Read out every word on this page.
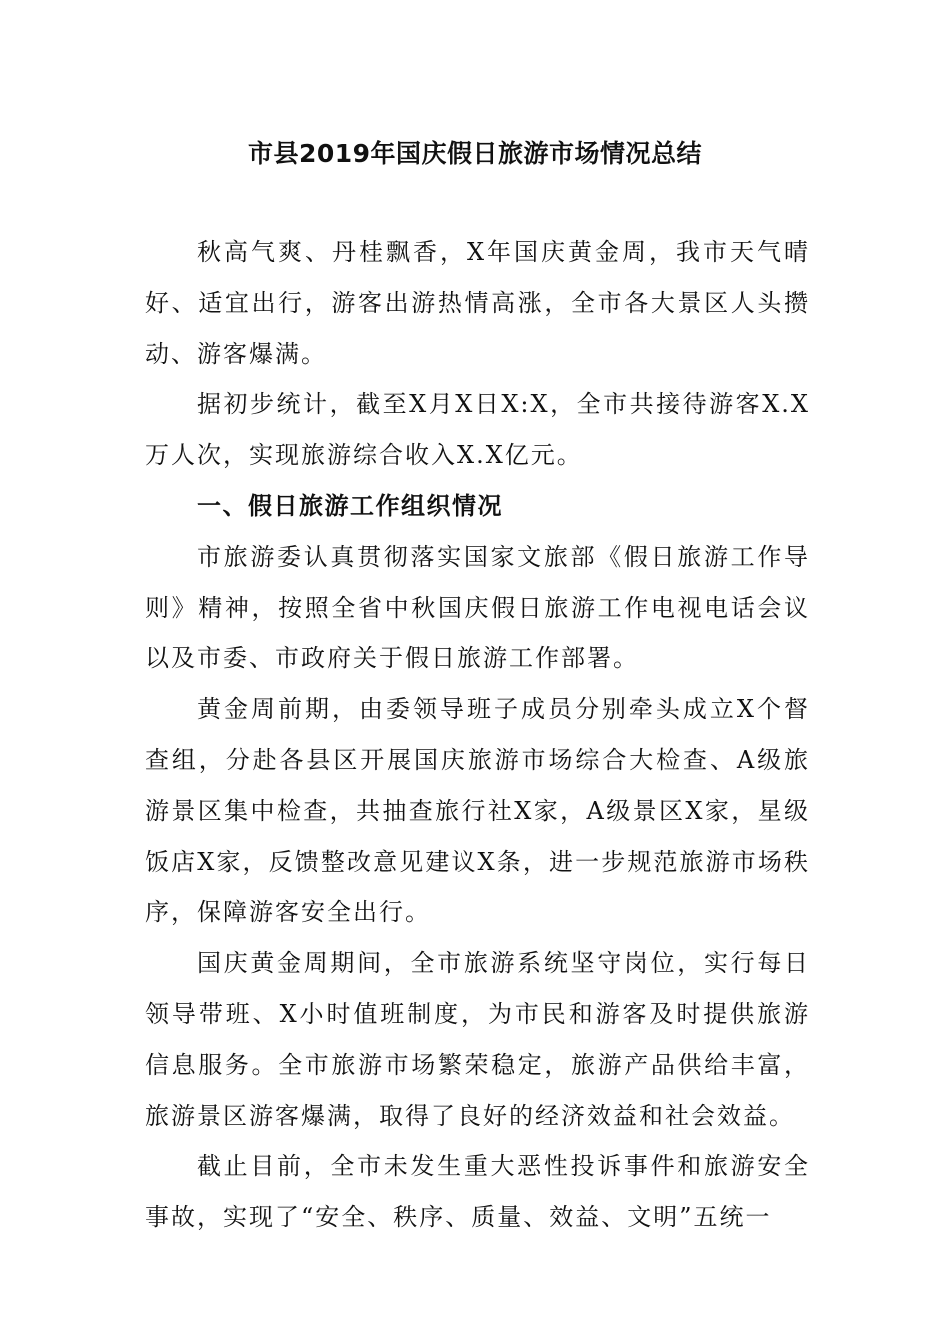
市县2019年国庆假日旅游市场情况总结

秋高气爽、丹桂飘香，X年国庆黄金周，我市天气晴好、适宜出行，游客出游热情高涨，全市各大景区人头攒动、游客爆满。

据初步统计，截至X月X日X:X，全市共接待游客X.X万人次，实现旅游综合收入X.X亿元。

一、假日旅游工作组织情况

市旅游委认真贯彻落实国家文旅部《假日旅游工作导则》精神，按照全省中秋国庆假日旅游工作电视电话会议以及市委、市政府关于假日旅游工作部署。

黄金周前期，由委领导班子成员分别牵头成立X个督查组，分赴各县区开展国庆旅游市场综合大检查、A级旅游景区集中检查，共抽查旅行社X家，A级景区X家，星级饭店X家，反馈整改意见建议X条，进一步规范旅游市场秩序，保障游客安全出行。

国庆黄金周期间，全市旅游系统坚守岗位，实行每日领导带班、X小时值班制度，为市民和游客及时提供旅游信息服务。全市旅游市场繁荣稳定，旅游产品供给丰富，旅游景区游客爆满，取得了良好的经济效益和社会效益。

截止目前，全市未发生重大恶性投诉事件和旅游安全事故，实现了“安全、秩序、质量、效益、文明”五统一
